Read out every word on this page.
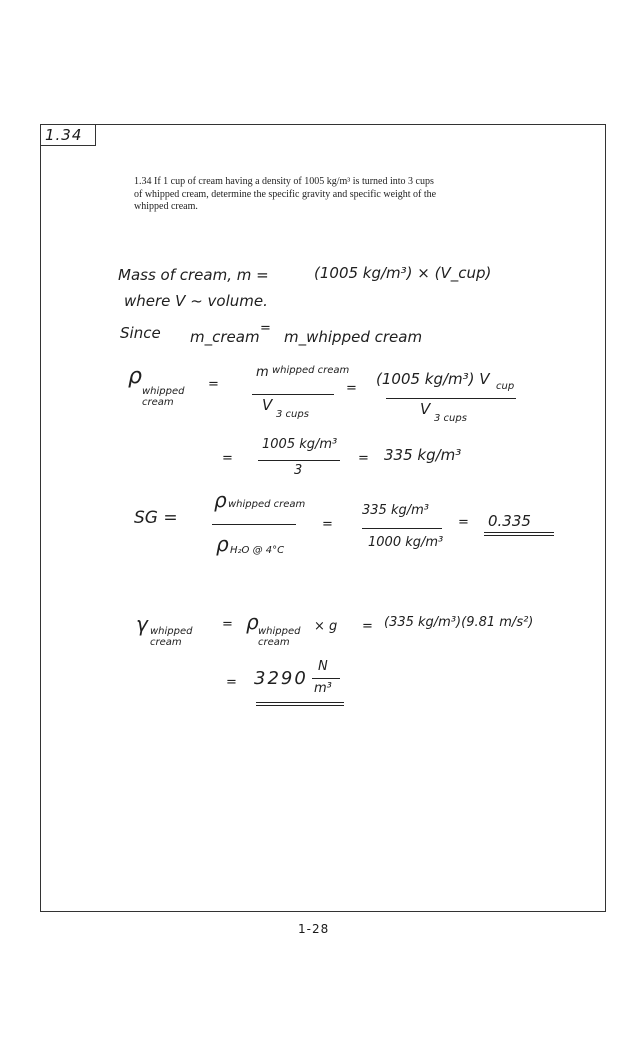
1.34
1.34 If 1 cup of cream having a density of 1005 kg/m³ is turned into 3 cups of whipped cream, determine the specific gravity and specific weight of the whipped cream.
Mass of cream, m =	(1005 kg/m³) × (V_cup)
where V ~ volume.
Since m_cream = m_whipped cream
ρ
whipped cream
=
m whipped cream
V
3 cups
=
(1005 kg/m³) V cup
V
3 cups
=
1005 kg/m³
3
= 335 kg/m³
SG =
ρ whipped cream
ρ H₂O @ 4°C
=
335 kg/m³
1000 kg/m³
= 0.335
γ whipped cream
= ρ whipped cream
× g = (335 kg/m³)(9.81 m/s²)
= 3290
N
m³
1-28
